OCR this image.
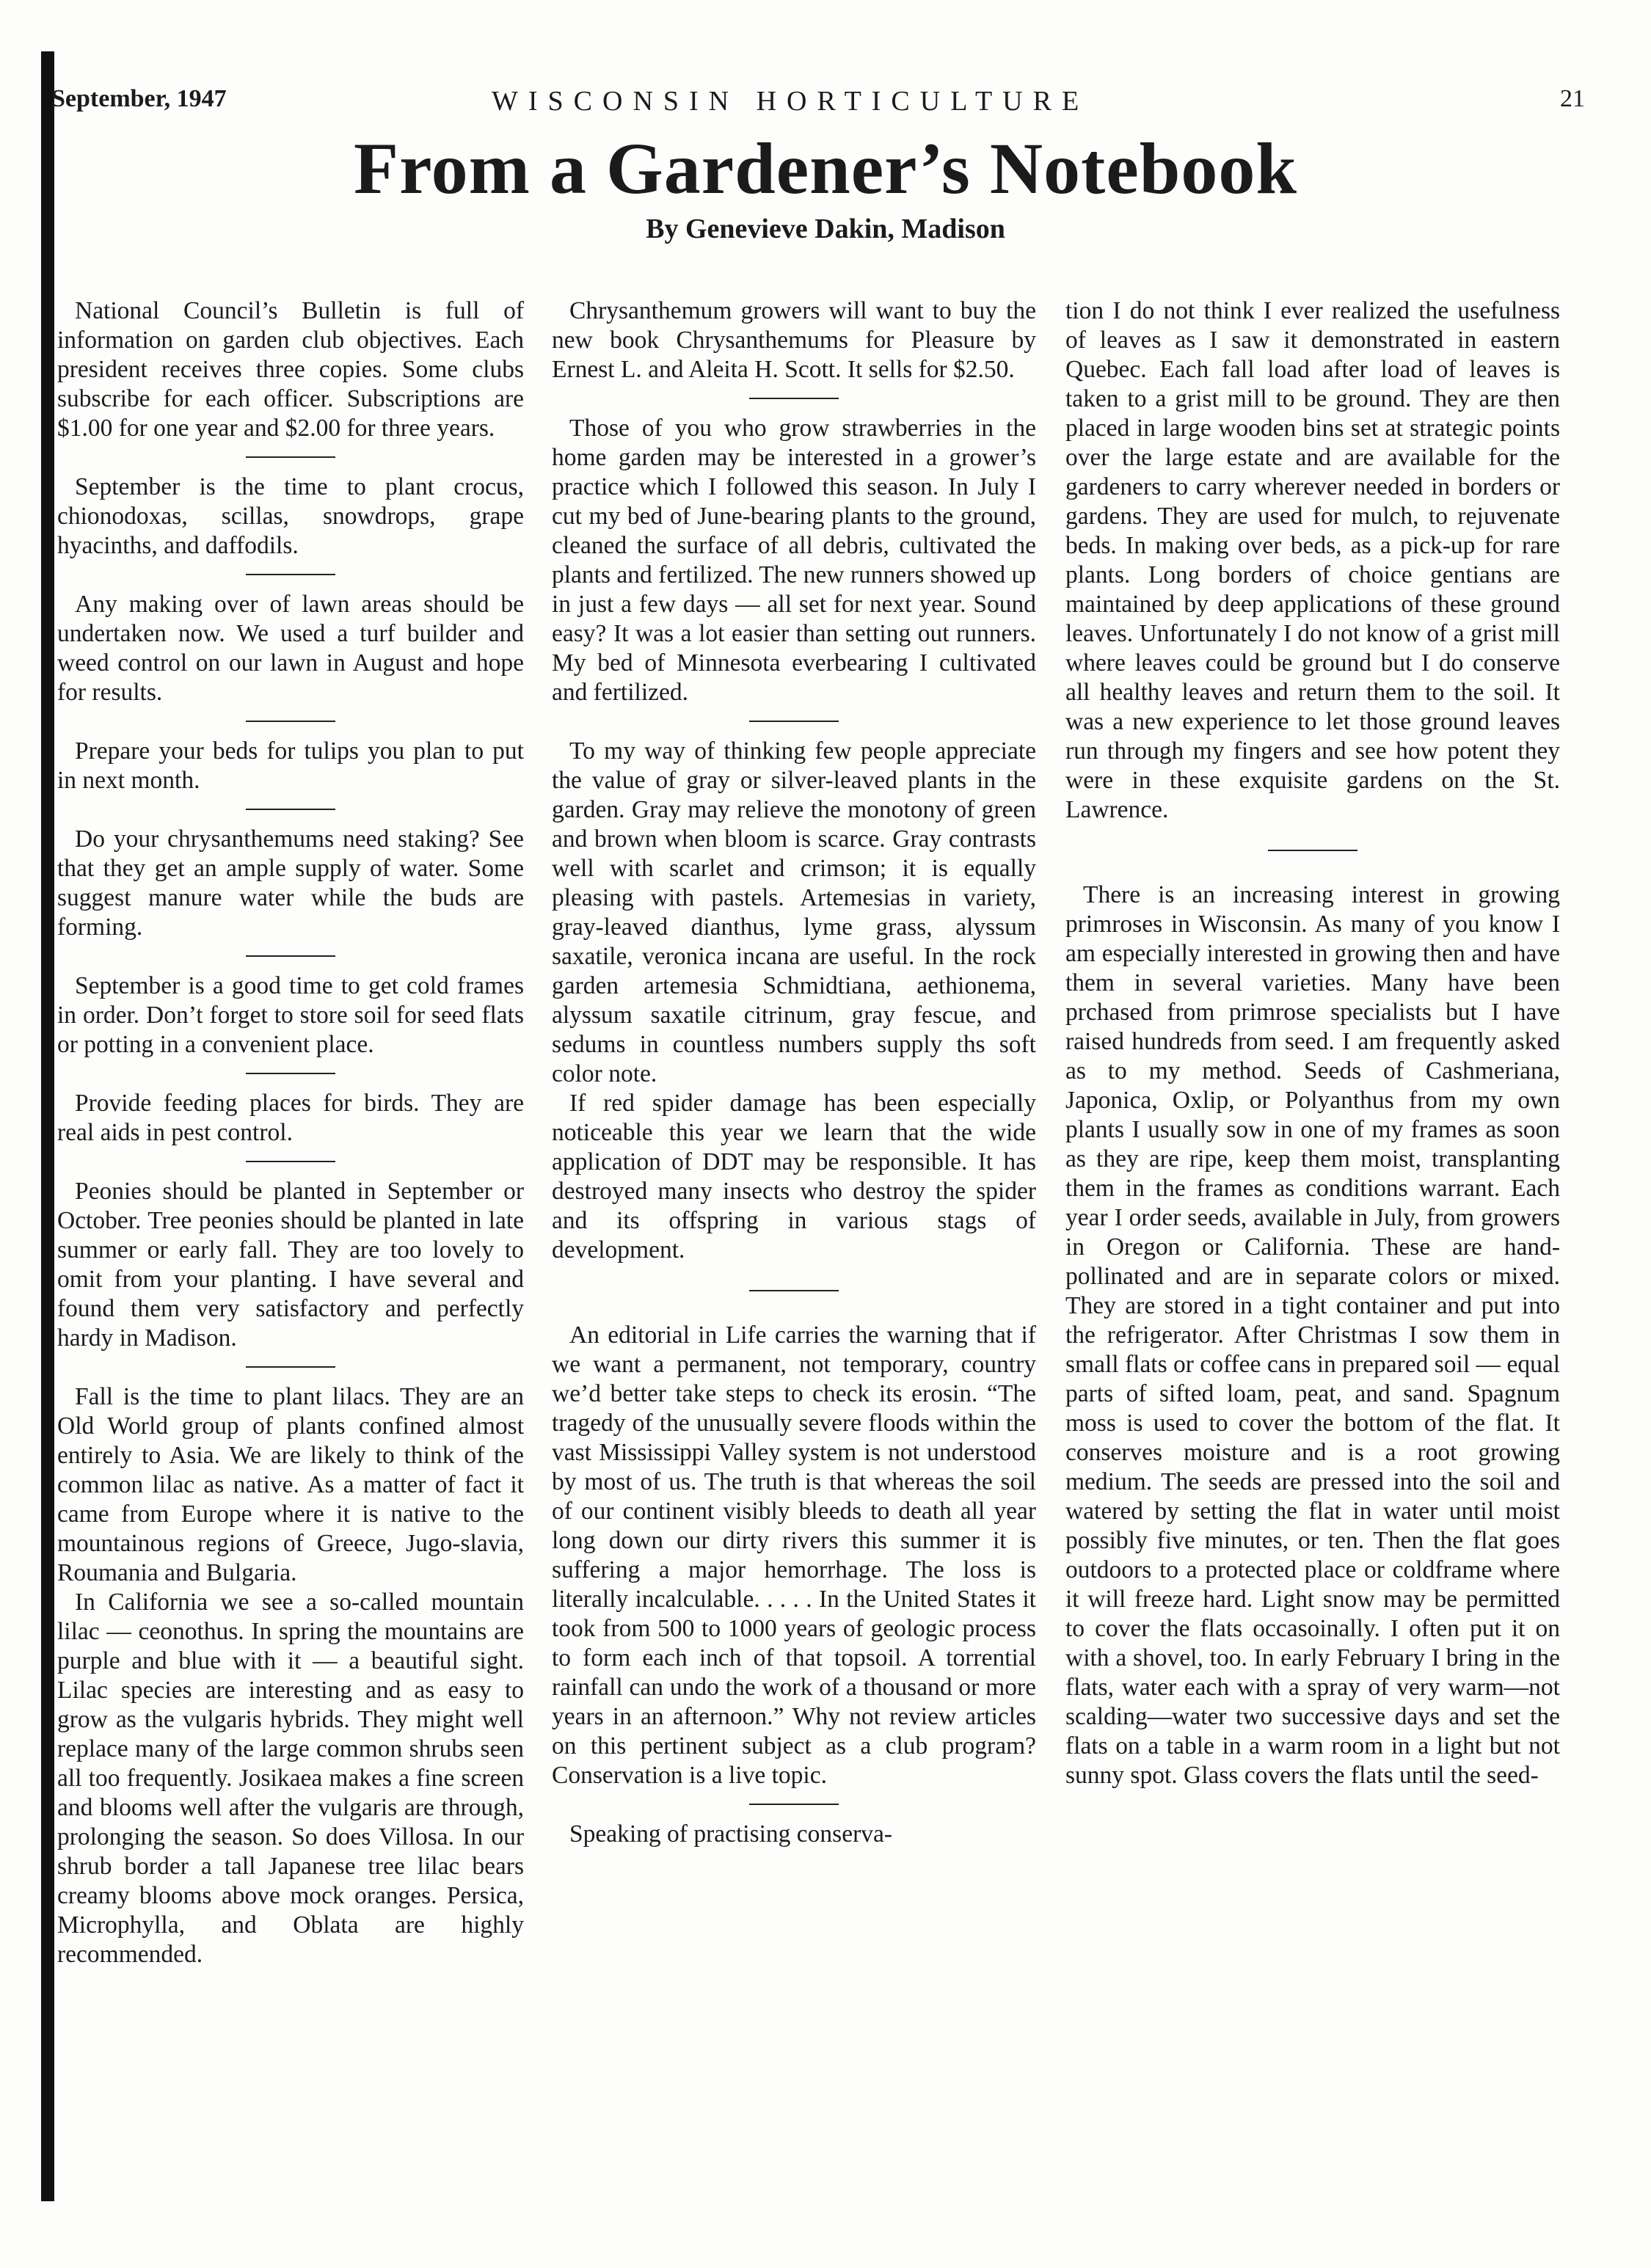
September, 1947	WISCONSIN HORTICULTURE	21
From a Gardener’s Notebook
By Genevieve Dakin, Madison

National Council’s Bulletin is full of information on garden club objectives. Each president receives three copies. Some clubs subscribe for each officer. Subscriptions are $1.00 for one year and $2.00 for three years.

September is the time to plant crocus, chionodoxas, scillas, snowdrops, grape hyacinths, and daffodils.

Any making over of lawn areas should be undertaken now. We used a turf builder and weed control on our lawn in August and hope for results.

Prepare your beds for tulips you plan to put in next month.

Do your chrysanthemums need staking? See that they get an ample supply of water. Some suggest manure water while the buds are forming.

September is a good time to get cold frames in order. Don’t forget to store soil for seed flats or potting in a convenient place.

Provide feeding places for birds. They are real aids in pest control.

Peonies should be planted in September or October. Tree peonies should be planted in late summer or early fall. They are too lovely to omit from your planting. I have several and found them very satisfactory and perfectly hardy in Madison.

Fall is the time to plant lilacs. They are an Old World group of plants confined almost entirely to Asia. We are likely to think of the common lilac as native. As a matter of fact it came from Europe where it is native to the mountainous regions of Greece, Jugo-slavia, Roumania and Bulgaria.

In California we see a so-called mountain lilac — ceonothus. In spring the mountains are purple and blue with it — a beautiful sight. Lilac species are interesting and as easy to grow as the vulgaris hybrids. They might well replace many of the large common shrubs seen all too frequently. Josikaea makes a fine screen and blooms well after the vulgaris are through, prolonging the season. So does Villosa. In our shrub border a tall Japanese tree lilac bears creamy blooms above mock oranges. Persica, Microphylla, and Oblata are highly recommended.

Chrysanthemum growers will want to buy the new book Chrysanthemums for Pleasure by Ernest L. and Aleita H. Scott. It sells for $2.50.

Those of you who grow strawberries in the home garden may be interested in a grower’s practice which I followed this season. In July I cut my bed of June-bearing plants to the ground, cleaned the surface of all debris, cultivated the plants and fertilized. The new runners showed up in just a few days — all set for next year. Sound easy? It was a lot easier than setting out runners. My bed of Minnesota everbearing I cultivated and fertilized.

To my way of thinking few people appreciate the value of gray or silver-leaved plants in the garden. Gray may relieve the monotony of green and brown when bloom is scarce. Gray contrasts well with scarlet and crimson; it is equally pleasing with pastels. Artemesias in variety, gray-leaved dianthus, lyme grass, alyssum saxatile, veronica incana are useful. In the rock garden artemesia Schmidtiana, aethionema, alyssum saxatile citrinum, gray fescue, and sedums in countless numbers supply ths soft color note.

If red spider damage has been especially noticeable this year we learn that the wide application of DDT may be responsible. It has destroyed many insects who destroy the spider and its offspring in various stags of development.

An editorial in Life carries the warning that if we want a permanent, not temporary, country we’d better take steps to check its erosin. “The tragedy of the unusually severe floods within the vast Mississippi Valley system is not understood by most of us. The truth is that whereas the soil of our continent visibly bleeds to death all year long down our dirty rivers this summer it is suffering a major hemorrhage. The loss is literally incalculable. . . . . In the United States it took from 500 to 1000 years of geologic process to form each inch of that topsoil. A torrential rainfall can undo the work of a thousand or more years in an afternoon.” Why not review articles on this pertinent subject as a club program? Conservation is a live topic.

Speaking of practising conserva-

tion I do not think I ever realized the usefulness of leaves as I saw it demonstrated in eastern Quebec. Each fall load after load of leaves is taken to a grist mill to be ground. They are then placed in large wooden bins set at strategic points over the large estate and are available for the gardeners to carry wherever needed in borders or gardens. They are used for mulch, to rejuvenate beds. In making over beds, as a pick-up for rare plants. Long borders of choice gentians are maintained by deep applications of these ground leaves. Unfortunately I do not know of a grist mill where leaves could be ground but I do conserve all healthy leaves and return them to the soil. It was a new experience to let those ground leaves run through my fingers and see how potent they were in these exquisite gardens on the St. Lawrence.

There is an increasing interest in growing primroses in Wisconsin. As many of you know I am especially interested in growing then and have them in several varieties. Many have been prchased from primrose specialists but I have raised hundreds from seed. I am frequently asked as to my method. Seeds of Cashmeriana, Japonica, Oxlip, or Polyanthus from my own plants I usually sow in one of my frames as soon as they are ripe, keep them moist, transplanting them in the frames as conditions warrant. Each year I order seeds, available in July, from growers in Oregon or California. These are hand-pollinated and are in separate colors or mixed. They are stored in a tight container and put into the refrigerator. After Christmas I sow them in small flats or coffee cans in prepared soil — equal parts of sifted loam, peat, and sand. Spagnum moss is used to cover the bottom of the flat. It conserves moisture and is a root growing medium. The seeds are pressed into the soil and watered by setting the flat in water until moist possibly five minutes, or ten. Then the flat goes outdoors to a protected place or coldframe where it will freeze hard. Light snow may be permitted to cover the flats occasoinally. I often put it on with a shovel, too. In early February I bring in the flats, water each with a spray of very warm—not scalding—water two successive days and set the flats on a table in a warm room in a light but not sunny spot. Glass covers the flats until the seed-
